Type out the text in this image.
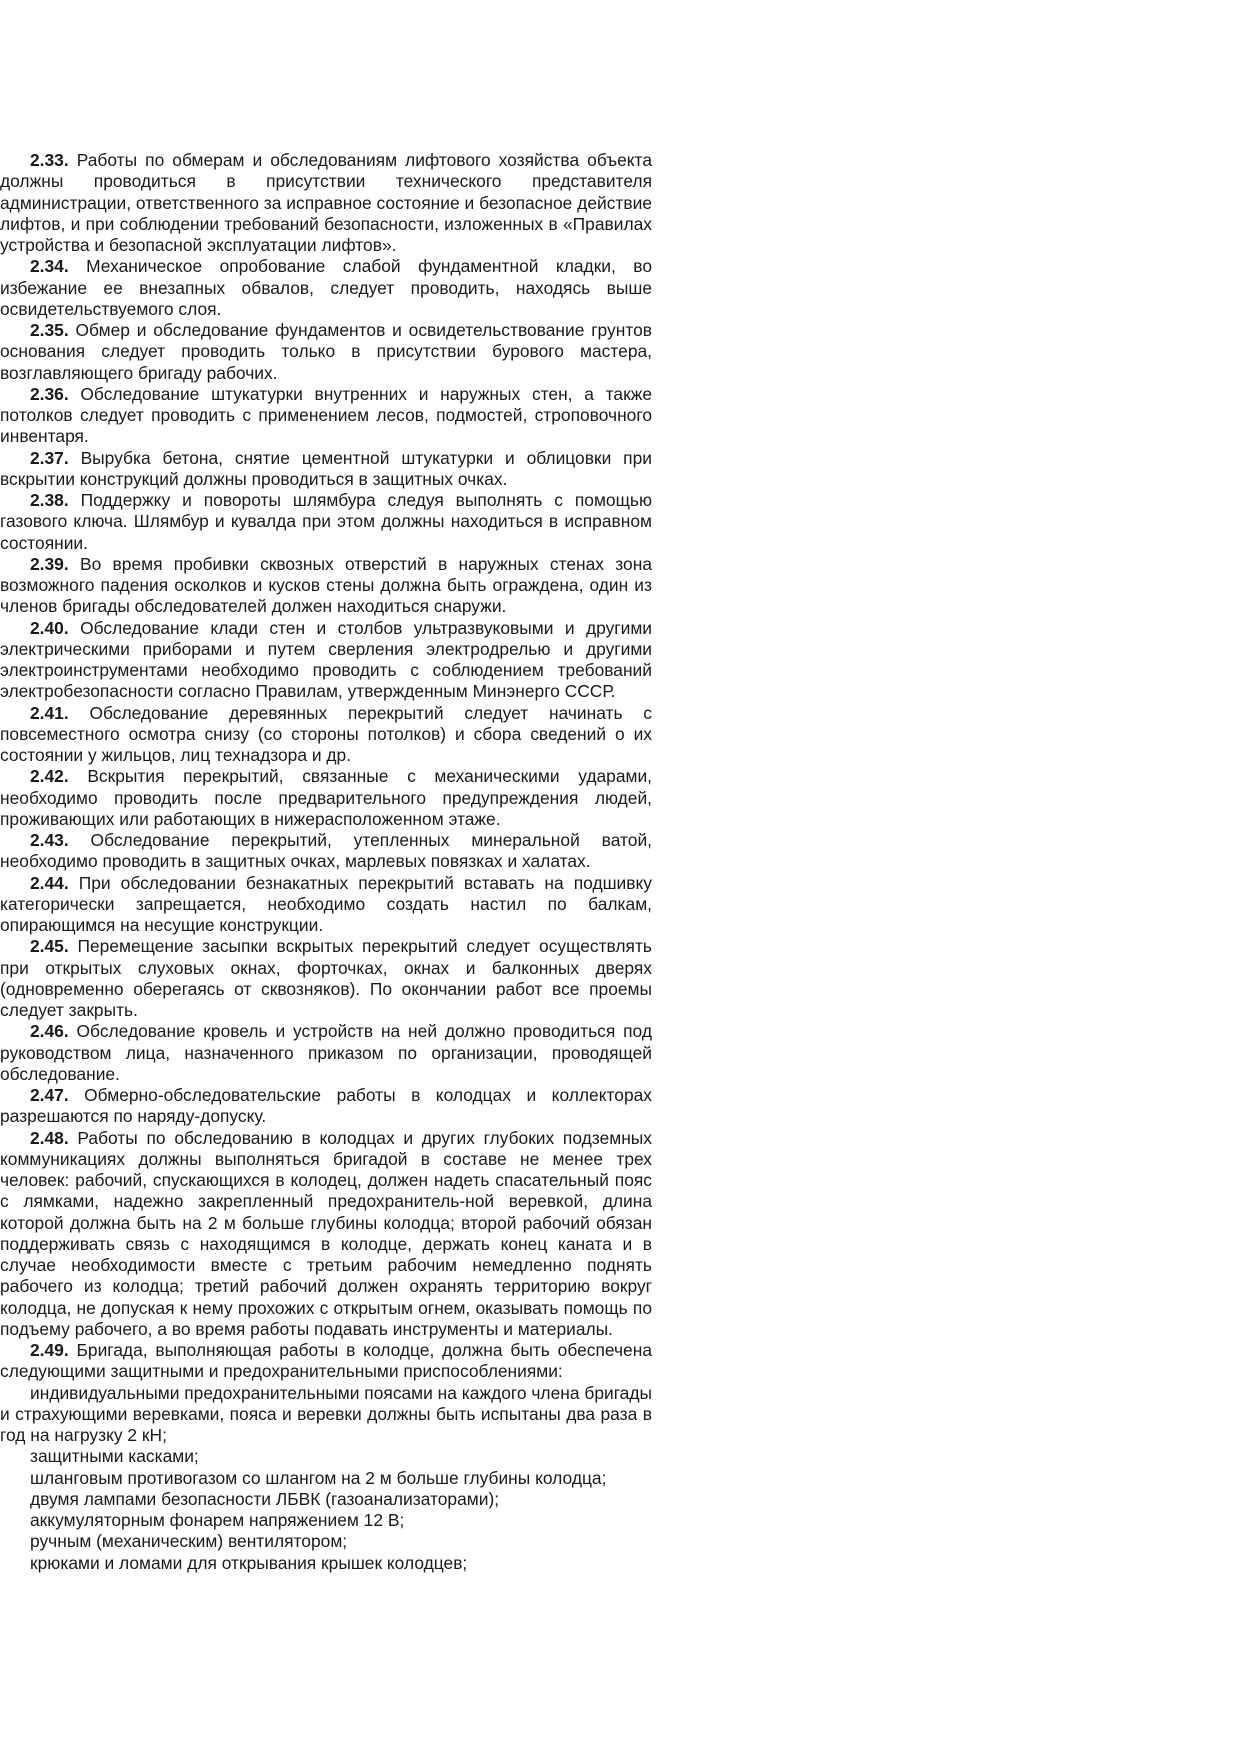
2.33. Работы по обмерам и обследованиям лифтового хозяйства объекта должны проводиться в присутствии технического представителя администрации, ответственного за исправное состояние и безопасное действие лифтов, и при соблюдении требований безопасности, изложенных в «Правилах устройства и безопасной эксплуатации лифтов».

2.34. Механическое опробование слабой фундаментной кладки, во избежание ее внезапных обвалов, следует проводить, находясь выше освидетельствуемого слоя.

2.35. Обмер и обследование фундаментов и освидетельствование грунтов основания следует проводить только в присутствии бурового мастера, возглавляющего бригаду рабочих.

2.36. Обследование штукатурки внутренних и наружных стен, а также потолков следует проводить с применением лесов, подмостей, строповочного инвентаря.

2.37. Вырубка бетона, снятие цементной штукатурки и облицовки при вскрытии конструкций должны проводиться в защитных очках.

2.38. Поддержку и повороты шлямбура следуя выполнять с помощью газового ключа. Шлямбур и кувалда при этом должны находиться в исправном состоянии.

2.39. Во время пробивки сквозных отверстий в наружных стенах зона возможного падения осколков и кусков стены должна быть ограждена, один из членов бригады обследователей должен находиться снаружи.

2.40. Обследование клади стен и столбов ультразвуковыми и другими электрическими приборами и путем сверления электродрелью и другими электроинструментами необходимо проводить с соблюдением требований электробезопасности согласно Правилам, утвержденным Минэнерго СССР.

2.41. Обследование деревянных перекрытий следует начинать с повсеместного осмотра снизу (со стороны потолков) и сбора сведений о их состоянии у жильцов, лиц технадзора и др.

2.42. Вскрытия перекрытий, связанные с механическими ударами, необходимо проводить после предварительного предупреждения людей, проживающих или работающих в нижерасположенном этаже.

2.43. Обследование перекрытий, утепленных минеральной ватой, необходимо проводить в защитных очках, марлевых повязках и халатах.

2.44. При обследовании безнакатных перекрытий вставать на подшивку категорически запрещается, необходимо создать настил по балкам, опирающимся на несущие конструкции.

2.45. Перемещение засыпки вскрытых перекрытий следует осуществлять при открытых слуховых окнах, форточках, окнах и балконных дверях (одновременно оберегаясь от сквозняков). По окончании работ все проемы следует закрыть.

2.46. Обследование кровель и устройств на ней должно проводиться под руководством лица, назначенного приказом по организации, проводящей обследование.

2.47. Обмерно-обследовательские работы в колодцах и коллекторах разрешаются по наряду-допуску.

2.48. Работы по обследованию в колодцах и других глубоких подземных коммуникациях должны выполняться бригадой в составе не менее трех человек: рабочий, спускающихся в колодец, должен надеть спасательный пояс с лямками, надежно закрепленный предохранитель-ной веревкой, длина которой должна быть на 2 м больше глубины колодца; второй рабочий обязан поддерживать связь с находящимся в колодце, держать конец каната и в случае необходимости вместе с третьим рабочим немедленно поднять рабочего из колодца; третий рабочий должен охранять территорию вокруг колодца, не допуская к нему прохожих с открытым огнем, оказывать помощь по подъему рабочего, а во время работы подавать инструменты и материалы.

2.49. Бригада, выполняющая работы в колодце, должна быть обеспечена следующими защитными и предохранительными приспособлениями:

индивидуальными предохранительными поясами на каждого члена бригады и страхующими веревками, пояса и веревки должны быть испытаны два раза в год на нагрузку 2 кН;

защитными касками;

шланговым противогазом со шлангом на 2 м больше глубины колодца;

двумя лампами безопасности ЛБВК (газоанализаторами);

аккумуляторным фонарем напряжением 12 В;

ручным (механическим) вентилятором;

крюками и ломами для открывания крышек колодцев;
